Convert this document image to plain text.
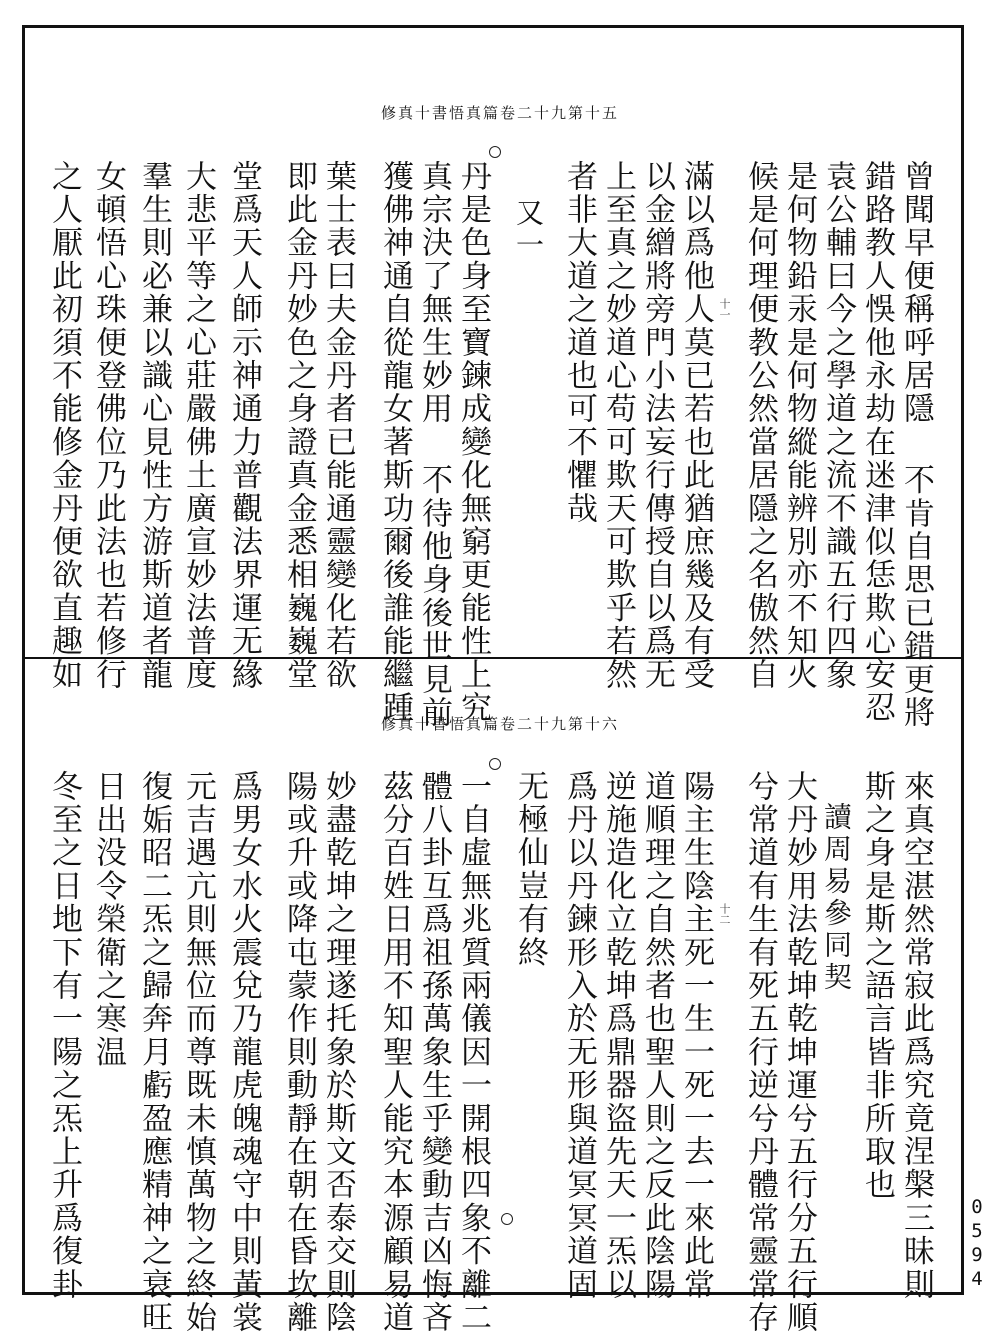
修真十書悟真篇卷二十九第十五
曾聞早便稱呼居隱 不肯自思已錯更將
錯路教人悞他永劫在迷津似恁欺心安忍
袁公輔曰今之學道之流不識五行四象
是何物鉛汞是何物縱能辨別亦不知火
候是何理便教公然當居隱之名傲然自
滿以爲他人莫已若也此猶庶幾及有受
以金繒將旁門小法妄行傳授自以爲无
上至真之妙道心苟可欺天可欺乎若然
者非大道之道也可不懼哉
又一
丹是色身至寶鍊成變化無窮更能性上究
真宗決了無生妙用 不待他身後世見前
獲佛神通自從龍女著斯功爾後誰能繼踵
葉士表曰夫金丹者已能通靈變化若欲
即此金丹妙色之身證真金悉相巍巍堂
堂爲天人師示神通力普觀法界運无緣
大悲平等之心莊嚴佛土廣宣妙法普度
羣生則必兼以識心見性方游斯道者龍
女頓悟心珠便登佛位乃此法也若修行
之人厭此初須不能修金丹便欲直趣如	十一
修真十書悟真篇卷二十九第十六
來真空湛然常寂此爲究竟涅槃三昧則
斯之身是斯之語言皆非所取也
讀周易參同契
大丹妙用法乾坤乾坤運兮五行分五行順
兮常道有生有死五行逆兮丹體常靈常存
陽主生陰主死一生一死一去一來此常
道順理之自然者也聖人則之反此陰陽
逆施造化立乾坤爲鼎器盜先天一炁以
爲丹以丹鍊形入於无形與道冥冥道固
无極仙豈有終
一自虛無兆質兩儀因一開根四象不離二
體八卦互爲祖孫萬象生乎變動吉凶悔吝
茲分百姓日用不知聖人能究本源顧易道
妙盡乾坤之理遂托象於斯文否泰交則陰
陽或升或降屯蒙作則動靜在朝在昏坎離
爲男女水火震兌乃龍虎魄魂守中則黃裳
元吉遇亢則無位而尊既未慎萬物之終始
復姤昭二炁之歸奔月虧盈應精神之衰旺
日出没令榮衛之寒温
冬至之日地下有一陽之炁上升爲復卦	十二
0594
